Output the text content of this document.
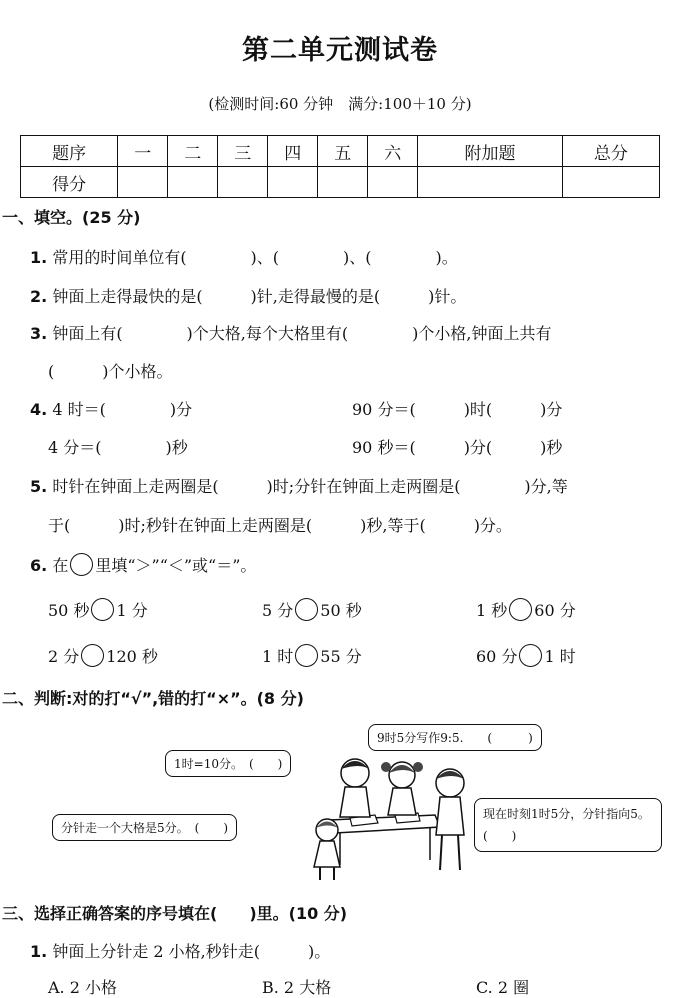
第二单元测试卷
(检测时间:60 分钟　满分:100＋10 分)
题序	一	二	三	四	五	六	附加题	总分
得分								
一、填空。(25 分)
1. 常用的时间单位有(　　　　)、(　　　　)、(　　　　)。
2. 钟面上走得最快的是(　　　)针,走得最慢的是(　　　)针。
3. 钟面上有(　　　　)个大格,每个大格里有(　　　　)个小格,钟面上共有
(　　　)个小格。
4. 4 时＝(　　　　)分	90 分＝(　　　)时(　　　)分
4 分＝(　　　　)秒	90 秒＝(　　　)分(　　　)秒
5. 时针在钟面上走两圈是(　　　)时;分针在钟面上走两圈是(　　　　)分,等
于(　　　)时;秒针在钟面上走两圈是(　　　)秒,等于(　　　)分。
6. 在 里填“＞”“＜”或“＝”。
50 秒 1 分	5 分 50 秒	1 秒 60 分
2 分 120 秒	1 时 55 分	60 分 1 时
二、判断:对的打“√”,错的打“×”。(8 分)
9时5分写作9:5.　　(　　　)
1时=10分。　(　　)
分针走一个大格是5分。　(　　)
现在时刻1时5分，分针指向5。　(　　)
三、选择正确答案的序号填在(　　)里。(10 分)
1. 钟面上分针走 2 小格,秒针走(　　　)。
A. 2 小格	B. 2 大格	C. 2 圈
